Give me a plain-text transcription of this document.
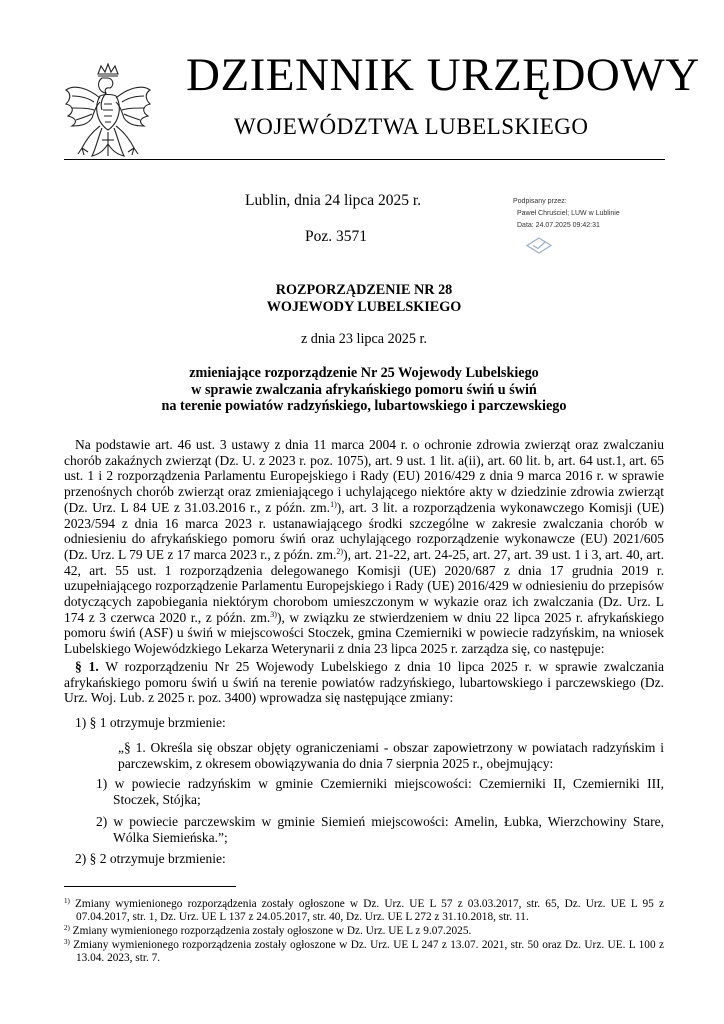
DZIENNIK URZĘDOWY
WOJEWÓDZTWA LUBELSKIEGO
Lublin, dnia 24 lipca 2025 r.
Poz. 3571
Podpisany przez:
Paweł Chruściel; LUW w Lublinie
Data: 24.07.2025 09:42:31
ROZPORZĄDZENIE NR 28
WOJEWODY LUBELSKIEGO
z dnia 23 lipca 2025 r.
zmieniające rozporządzenie Nr 25 Wojewody Lubelskiego
w sprawie zwalczania afrykańskiego pomoru świń u świń
na terenie powiatów radzyńskiego, lubartowskiego i parczewskiego
Na podstawie art. 46 ust. 3 ustawy z dnia 11 marca 2004 r. o ochronie zdrowia zwierząt oraz zwalczaniu chorób zakaźnych zwierząt (Dz. U. z 2023 r. poz. 1075), art. 9 ust. 1 lit. a(ii), art. 60 lit. b, art. 64 ust.1, art. 65 ust. 1 i 2 rozporządzenia Parlamentu Europejskiego i Rady (EU) 2016/429 z dnia 9 marca 2016 r. w sprawie przenośnych chorób zwierząt oraz zmieniającego i uchylającego niektóre akty w dziedzinie zdrowia zwierząt (Dz. Urz. L 84 UE z 31.03.2016 r., z późn. zm.$^{1)}$), art. 3 lit. a rozporządzenia wykonawczego Komisji (UE) 2023/594 z dnia 16 marca 2023 r. ustanawiającego środki szczególne w zakresie zwalczania chorób w odniesieniu do afrykańskiego pomoru świń oraz uchylającego rozporządzenie wykonawcze (EU) 2021/605 (Dz. Urz. L 79 UE z 17 marca 2023 r., z późn. zm.$^{2)}$), art. 21-22, art. 24-25, art. 27, art. 39 ust. 1 i 3, art. 40, art. 42, art. 55 ust. 1 rozporządzenia delegowanego Komisji (UE) 2020/687 z dnia 17 grudnia 2019 r. uzupełniającego rozporządzenie Parlamentu Europejskiego i Rady (UE) 2016/429 w odniesieniu do przepisów dotyczących zapobiegania niektórym chorobom umieszczonym w wykazie oraz ich zwalczania (Dz. Urz. L 174 z 3 czerwca 2020 r., z późn. zm.$^{3)}$), w związku ze stwierdzeniem w dniu 22 lipca 2025 r. afrykańskiego pomoru świń (ASF) u świń w miejscowości Stoczek, gmina Czemierniki w powiecie radzyńskim, na wniosek Lubelskiego Wojewódzkiego Lekarza Weterynarii z dnia 23 lipca 2025 r. zarządza się, co następuje:
§ 1. W rozporządzeniu Nr 25 Wojewody Lubelskiego z dnia 10 lipca 2025 r. w sprawie zwalczania afrykańskiego pomoru świń u świń na terenie powiatów radzyńskiego, lubartowskiego i parczewskiego (Dz. Urz. Woj. Lub. z 2025 r. poz. 3400) wprowadza się następujące zmiany:
1) § 1 otrzymuje brzmienie:
„§ 1. Określa się obszar objęty ograniczeniami - obszar zapowietrzony w powiatach radzyńskim i parczewskim, z okresem obowiązywania do dnia 7 sierpnia 2025 r., obejmujący:
1) w powiecie radzyńskim w gminie Czemierniki miejscowości: Czemierniki II, Czemierniki III, Stoczek, Stójka;
2) w powiecie parczewskim w gminie Siemień miejscowości: Amelin, Łubka, Wierzchowiny Stare, Wólka Siemieńska.”;
2) § 2 otrzymuje brzmienie:
$^{1)}$ Zmiany wymienionego rozporządzenia zostały ogłoszone w Dz. Urz. UE L 57 z 03.03.2017, str. 65, Dz. Urz. UE L 95 z 07.04.2017, str. 1, Dz. Urz. UE L 137 z 24.05.2017, str. 40, Dz. Urz. UE L 272 z 31.10.2018, str. 11.
$^{2)}$ Zmiany wymienionego rozporządzenia zostały ogłoszone w Dz. Urz. UE L z 9.07.2025.
$^{3)}$ Zmiany wymienionego rozporządzenia zostały ogłoszone w Dz. Urz. UE L 247 z 13.07. 2021, str. 50 oraz Dz. Urz. UE. L 100 z 13.04. 2023, str. 7.
